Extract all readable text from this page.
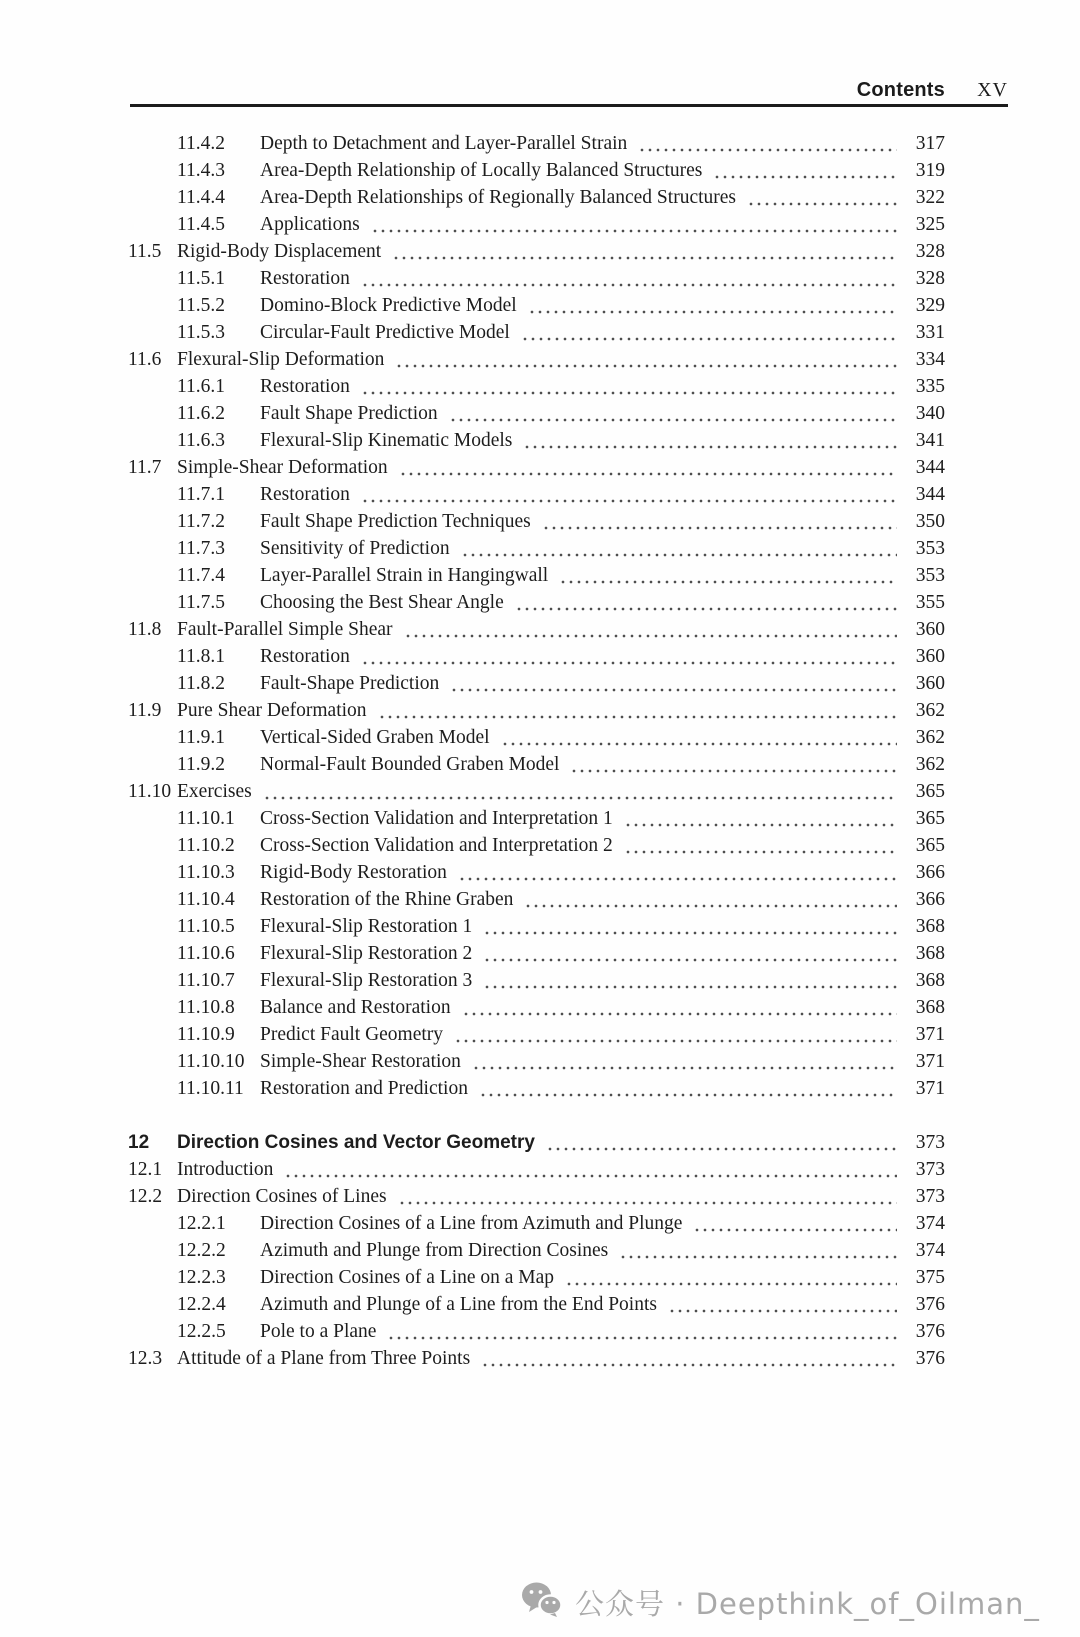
Contents XV
11.4.2	Depth to Detachment and Layer-Parallel Strain	317
11.4.3	Area-Depth Relationship of Locally Balanced Structures	319
11.4.4	Area-Depth Relationships of Regionally Balanced Structures	322
11.4.5	Applications	325
11.5 Rigid-Body Displacement	328
11.5.1	Restoration	328
11.5.2	Domino-Block Predictive Model	329
11.5.3	Circular-Fault Predictive Model	331
11.6 Flexural-Slip Deformation	334
11.6.1	Restoration	335
11.6.2	Fault Shape Prediction	340
11.6.3	Flexural-Slip Kinematic Models	341
11.7 Simple-Shear Deformation	344
11.7.1	Restoration	344
11.7.2	Fault Shape Prediction Techniques	350
11.7.3	Sensitivity of Prediction	353
11.7.4	Layer-Parallel Strain in Hangingwall	353
11.7.5	Choosing the Best Shear Angle	355
11.8 Fault-Parallel Simple Shear	360
11.8.1	Restoration	360
11.8.2	Fault-Shape Prediction	360
11.9 Pure Shear Deformation	362
11.9.1	Vertical-Sided Graben Model	362
11.9.2	Normal-Fault Bounded Graben Model	362
11.10 Exercises	365
11.10.1	Cross-Section Validation and Interpretation 1	365
11.10.2	Cross-Section Validation and Interpretation 2	365
11.10.3	Rigid-Body Restoration	366
11.10.4	Restoration of the Rhine Graben	366
11.10.5	Flexural-Slip Restoration 1	368
11.10.6	Flexural-Slip Restoration 2	368
11.10.7	Flexural-Slip Restoration 3	368
11.10.8	Balance and Restoration	368
11.10.9	Predict Fault Geometry	371
11.10.10 Simple-Shear Restoration	371
11.10.11 Restoration and Prediction	371
12	Direction Cosines and Vector Geometry	373
12.1 Introduction	373
12.2 Direction Cosines of Lines	373
12.2.1	Direction Cosines of a Line from Azimuth and Plunge	374
12.2.2	Azimuth and Plunge from Direction Cosines	374
12.2.3	Direction Cosines of a Line on a Map	375
12.2.4	Azimuth and Plunge of a Line from the End Points	376
12.2.5	Pole to a Plane	376
12.3 Attitude of a Plane from Three Points	376
公众号 · Deepthink_of_Oilman_
